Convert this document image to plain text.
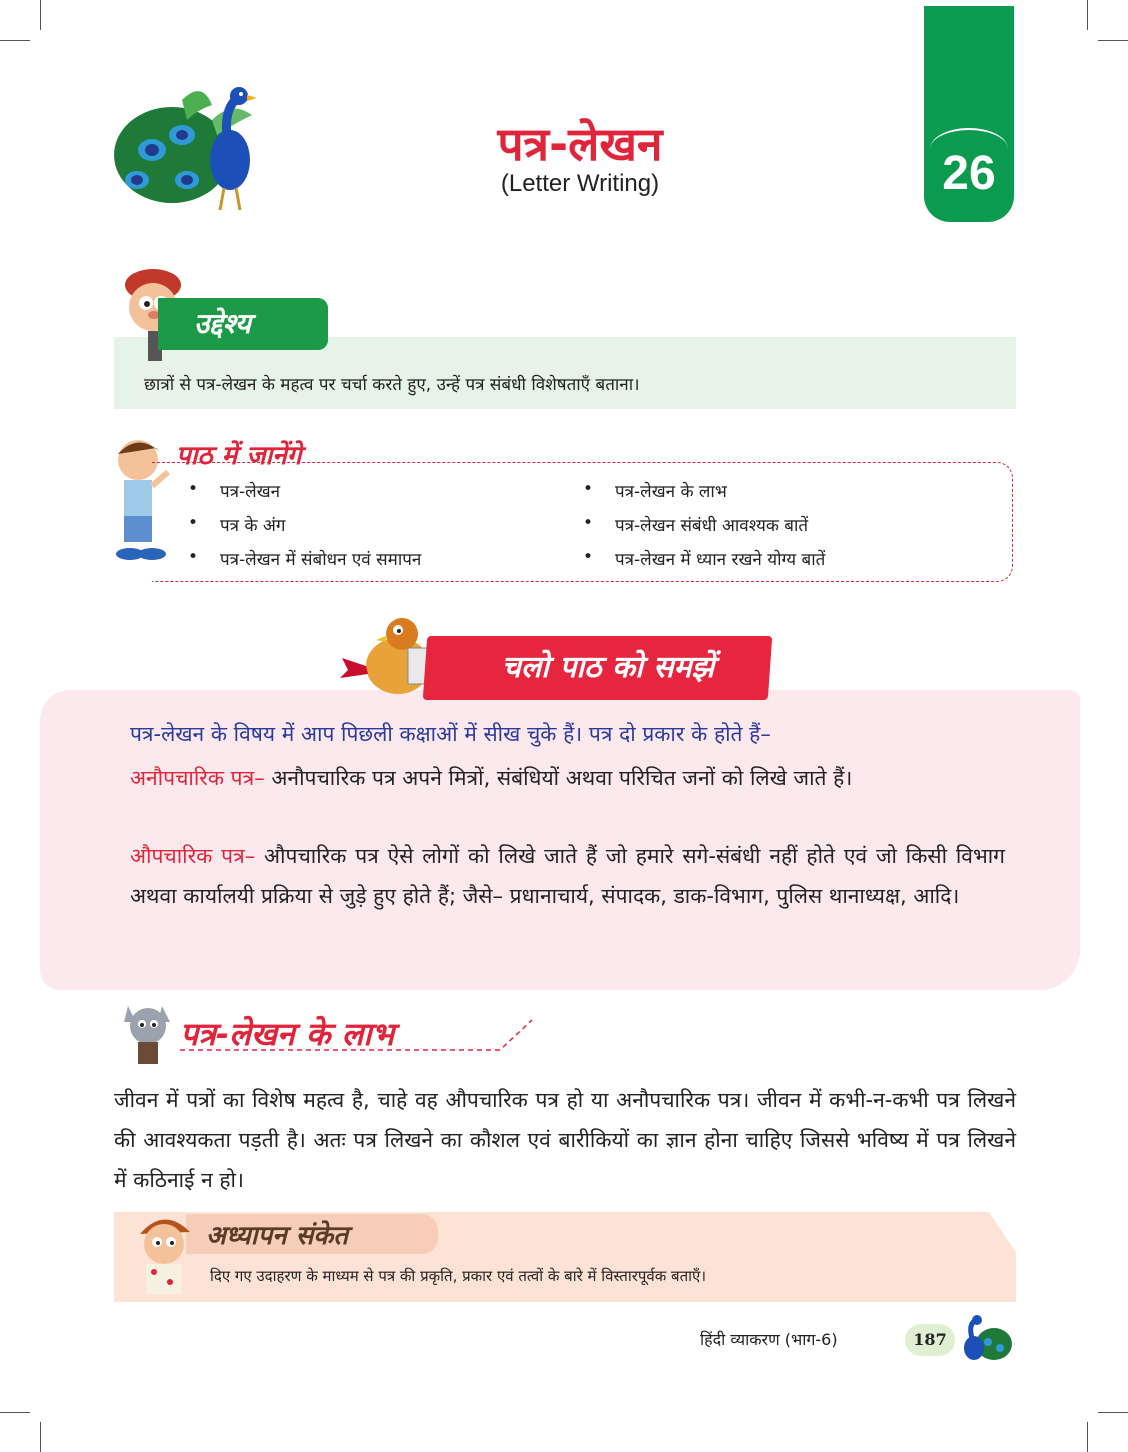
पत्र-लेखन
(Letter Writing)	26
उद्देश्य
छात्रों से पत्र-लेखन के महत्व पर चर्चा करते हुए, उन्हें पत्र संबंधी विशेषताएँ बताना।
पाठ में जानेंगे
• पत्र-लेखन
• पत्र के अंग
• पत्र-लेखन में संबोधन एवं समापन
• पत्र-लेखन के लाभ
• पत्र-लेखन संबंधी आवश्यक बातें
• पत्र-लेखन में ध्यान रखने योग्य बातें
चलो पाठ को समझें
पत्र-लेखन के विषय में आप पिछली कक्षाओं में सीख चुके हैं। पत्र दो प्रकार के होते हैं–
अनौपचारिक पत्र– अनौपचारिक पत्र अपने मित्रों, संबंधियों अथवा परिचित जनों को लिखे जाते हैं।
औपचारिक पत्र– औपचारिक पत्र ऐसे लोगों को लिखे जाते हैं जो हमारे सगे-संबंधी नहीं होते एवं जो किसी विभाग अथवा कार्यालयी प्रक्रिया से जुड़े हुए होते हैं; जैसे– प्रधानाचार्य, संपादक, डाक-विभाग, पुलिस थानाध्यक्ष, आदि।
पत्र-लेखन के लाभ
जीवन में पत्रों का विशेष महत्व है, चाहे वह औपचारिक पत्र हो या अनौपचारिक पत्र। जीवन में कभी-न-कभी पत्र लिखने की आवश्यकता पड़ती है। अतः पत्र लिखने का कौशल एवं बारीकियों का ज्ञान होना चाहिए जिससे भविष्य में पत्र लिखने में कठिनाई न हो।
अध्यापन संकेत
दिए गए उदाहरण के माध्यम से पत्र की प्रकृति, प्रकार एवं तत्वों के बारे में विस्तारपूर्वक बताएँ।
हिंदी व्याकरण (भाग-6)	187
